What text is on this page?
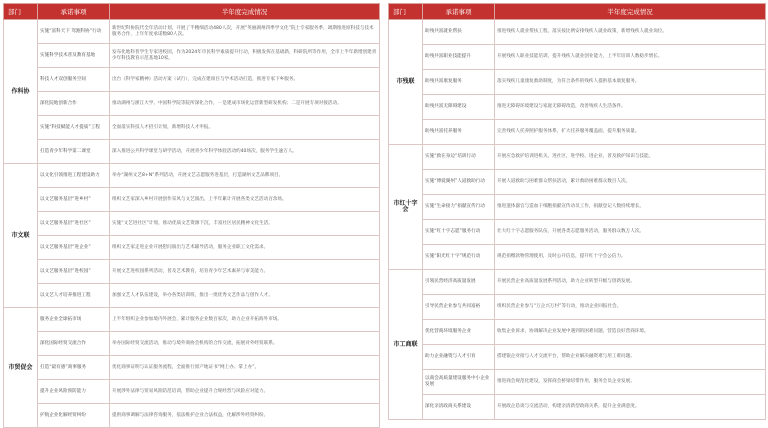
部门	承诺事项	半年度完成情况
作科协	实施“富科天下 驾跑科协”行动	新世纪科协院代全年活动计划，开展了半精细活动480人次，开展“英丽湖州四季学文化”院士专家服务季，调期推进原科技与技术服务合作，上年年度承诺数80人次。
	实施科学技术普及教育基地	发布化地科普学生专家进校园，作为2024年市民科学素质提升行动，积极发挥在基础新，科研院所等作用，全市上半年新增创建青少年科技教育示范基地10家。
	科技人才双创服务空间	出台《科学家精神》活动方案（试行），完成在建项目与学术活动打造，推进专家下乡服务。
	深化院地创新合作	推动湖州与浙江大学、中国科学院等院所深化合作，一是建成市场化运营新型研发机构；二是开展专项对接活动。
	实施“科技赋能人才提质”工程	全面落实科技人才招引计划，新增科技人才申报。
	打造青少年科学第二课堂	深入推进公共科学课堂与研学活动，开展青少年科学体验活动约40场次，服务学生逾万人。
市文联	以文化引领推进工程建设助力	举办“湖州文艺8+N”系列活动，开展文艺志愿服务进基层，打造湖州文艺品牌项目。
	以文艺服务基层“进乡村”	组织文艺家深入乡村开展创作采风与文艺演出，上半年累计开展各类文艺活动百余场。
	以文艺服务基层“进社区”	实施“文艺进社区”计划，推动优质文艺资源下沉，丰富社区居民精神文化生活。
	以文艺服务基层“进企业”	组织文艺家走进企业开展慰问演出与艺术辅导活动，服务企业职工文化需求。
	以文艺服务基层“进校园”	开展文艺进校园系列活动，普及艺术教育，培育青少年艺术素养与审美能力。
	以文艺人才培养推进工程	加强文艺人才队伍建设，举办各类培训班，推出一批优秀文艺作品与创作人才。
市贸促会	服务企业全球拓市场	上半年组织企业参加境内外展会，累计服务企业数百家次，助力企业开拓海外市场。
	深化国际经贸交流合作	举办国际经贸交流活动，推动与境外商协会机构的合作交流，拓展对外经贸联系。
	打造“最有感”商事服务	优化商事证明与认证服务流程，全面推行原产地证书“网上办、掌上办”。
	提升企业风险预防能力	开展涉外法律与贸易风险防范培训，帮助企业提升合规经营与风险应对能力。
	护航企业化解经贸纠纷	提供商事调解与法律咨询服务，依法维护企业合法权益，化解涉外经贸纠纷。
部门	承诺事项	半年度完成情况
市残联	助残共富就业帮扶	推进残疾人就业帮扶工程，落实按比例安排残疾人就业政策，新增残疾人就业岗位。
	助残共富职业技能提升	开展残疾人职业技能培训，提升残疾人就业创业能力，上半年培训人数稳步增长。
	助残共富康复服务	落实残疾儿童康复救助制度，为符合条件的残疾人提供基本康复服务。
	助残共富无障碍建设	推进无障碍环境建设与家庭无障碍改造，改善残疾人生活条件。
	助残共富托养服务	完善残疾人托养照护服务体系，扩大托养服务覆盖面，提升服务质量。
市红十字会	实施“救在身边”培训行动	开展应急救护培训进机关、进社区、进学校、进企业，普及救护知识与技能。
	实施“博爱湖州”人道救助行动	开展人道救助与困难群众帮扶活动，累计救助困难群众数百人次。
	实施“生命接力”捐献宣传行动	推进遗体器官与造血干细胞捐献宣传动员工作，捐献登记人数持续增长。
	实施“红十字志愿”服务行动	壮大红十字志愿服务队伍，开展各类志愿服务活动，服务群众数万人次。
	实施“阳光红十字”规范行动	规范捐赠款物管理使用，及时公开信息，提升红十字会公信力。
市工商联	引领民营经济高质量发展	开展民营企业高质量发展系列活动，助力企业转型升级与创新发展。
	引导民营企业参与共同富裕	组织民营企业参与“万企兴万村”等行动，推动企业回报社会。
	优化营商环境服务企业	收集企业诉求，协调解决企业发展中遇到的困难问题，营造良好营商环境。
	助力企业融资与人才引育	搭建银企对接与人才交流平台，帮助企业解决融资难与用工难问题。
	以商会高质量建设服务中小企业发展	推进商会规范化建设，发挥商会桥梁纽带作用，服务会员企业发展。
	深化亲清政商关系建设	开展政企恳谈与交流活动，构建亲清新型政商关系，提升企业满意度。
